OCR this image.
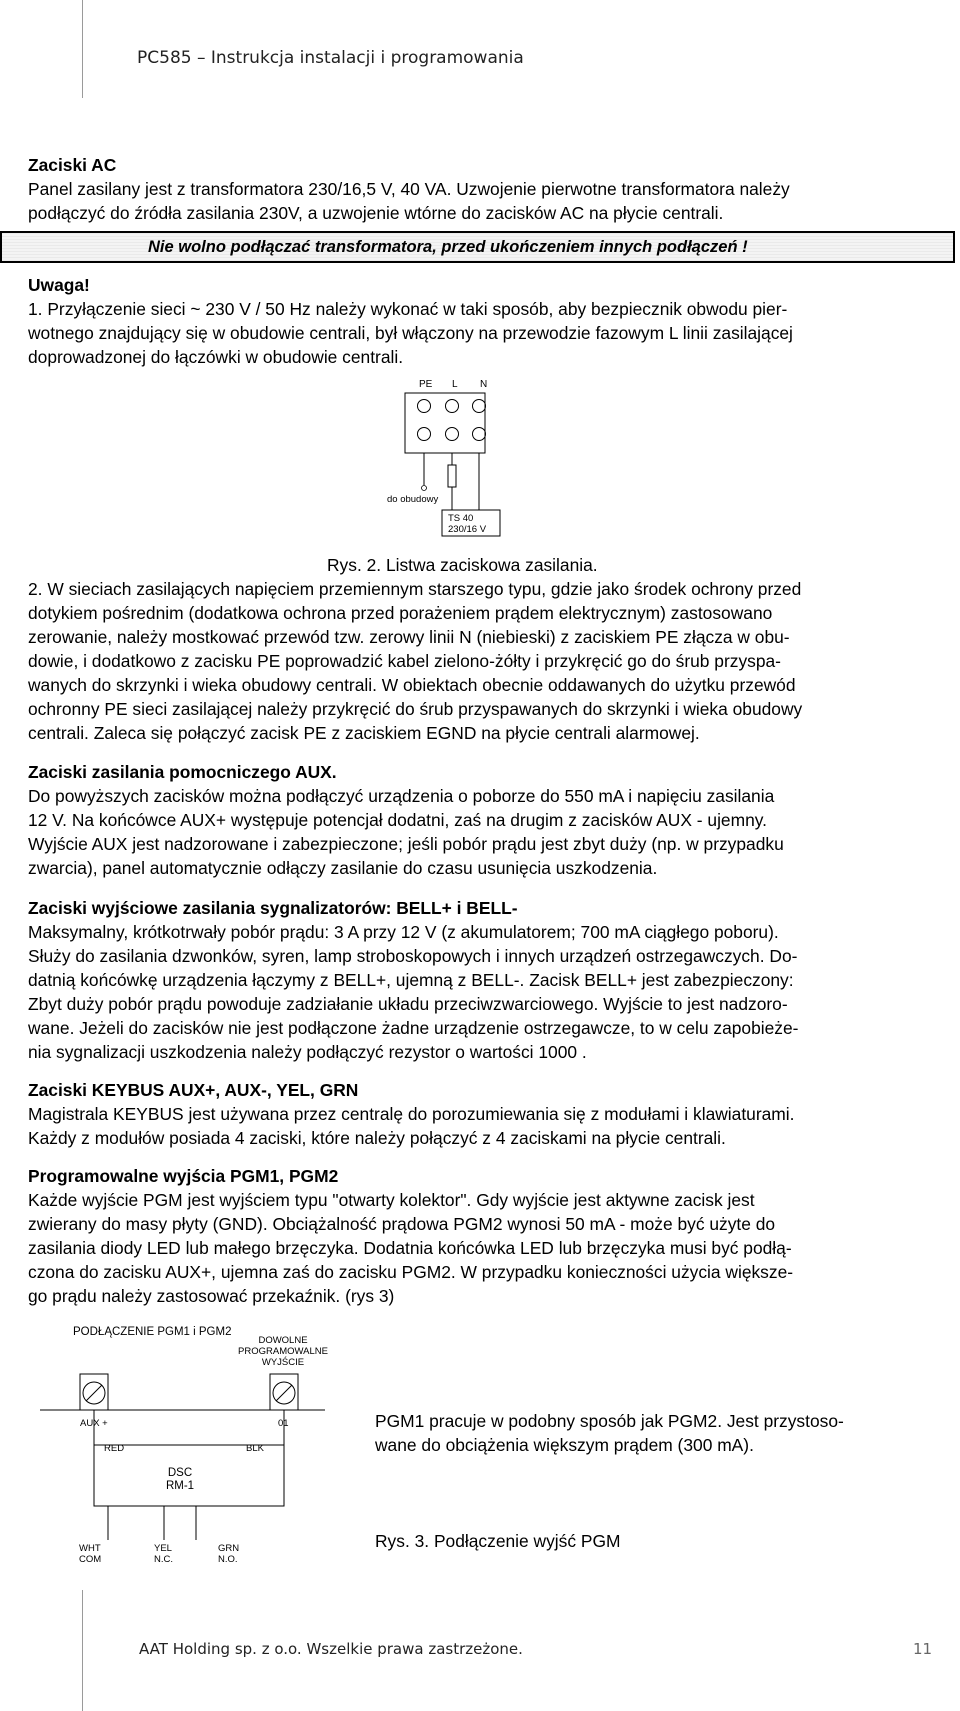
PC585 – Instrukcja instalacji i programowania
Zaciski AC
Panel zasilany jest z transformatora 230/16,5 V, 40 VA. Uzwojenie pierwotne transformatora należy
podłączyć do źródła zasilania 230V, a uzwojenie wtórne do zacisków AC na płycie centrali.
Nie wolno podłączać transformatora, przed ukończeniem innych podłączeń !
Uwaga!
1. Przyłączenie sieci ~ 230 V / 50 Hz należy wykonać w taki sposób, aby bezpiecznik obwodu pier-
wotnego znajdujący się w obudowie centrali, był włączony na przewodzie fazowym L linii zasilającej
doprowadzonej do łączówki w obudowie centrali.
PE L N
do obudowy
TS 40
230/16 V
Rys. 2. Listwa zaciskowa zasilania.
2. W sieciach zasilających napięciem przemiennym starszego typu, gdzie jako środek ochrony przed
dotykiem pośrednim (dodatkowa ochrona przed porażeniem prądem elektrycznym) zastosowano
zerowanie, należy mostkować przewód tzw. zerowy linii N (niebieski) z zaciskiem PE złącza w obu-
dowie, i dodatkowo z zacisku PE poprowadzić kabel zielono-żółty i przykręcić go do śrub przyspa-
wanych do skrzynki i wieka obudowy centrali. W obiektach obecnie oddawanych do użytku przewód
ochronny PE sieci zasilającej należy przykręcić do śrub przyspawanych do skrzynki i wieka obudowy
centrali. Zaleca się połączyć zacisk PE z zaciskiem EGND na płycie centrali alarmowej.
Zaciski zasilania pomocniczego AUX.
Do powyższych zacisków można podłączyć urządzenia o poborze do 550 mA i napięciu zasilania
12 V. Na końcówce AUX+ występuje potencjał dodatni, zaś na drugim z zacisków AUX - ujemny.
Wyjście AUX jest nadzorowane i zabezpieczone; jeśli pobór prądu jest zbyt duży (np. w przypadku
zwarcia), panel automatycznie odłączy zasilanie do czasu usunięcia uszkodzenia.
Zaciski wyjściowe zasilania sygnalizatorów: BELL+ i BELL-
Maksymalny, krótkotrwały pobór prądu: 3 A przy 12 V (z akumulatorem; 700 mA ciągłego poboru).
Służy do zasilania dzwonków, syren, lamp stroboskopowych i innych urządzeń ostrzegawczych. Do-
datnią końcówkę urządzenia łączymy z BELL+, ujemną z BELL-. Zacisk BELL+ jest zabezpieczony:
Zbyt duży pobór prądu powoduje zadziałanie układu przeciwzwarciowego. Wyjście to jest nadzoro-
wane. Jeżeli do zacisków nie jest podłączone żadne urządzenie ostrzegawcze, to w celu zapobieże-
nia sygnalizacji uszkodzenia należy podłączyć rezystor o wartości 1000 .
Zaciski KEYBUS AUX+, AUX-, YEL, GRN
Magistrala KEYBUS jest używana przez centralę do porozumiewania się z modułami i klawiaturami.
Każdy z modułów posiada 4 zaciski, które należy połączyć z 4 zaciskami na płycie centrali.
Programowalne wyjścia PGM1, PGM2
Każde wyjście PGM jest wyjściem typu "otwarty kolektor". Gdy wyjście jest aktywne zacisk jest
zwierany do masy płyty (GND). Obciążalność prądowa PGM2 wynosi 50 mA - może być użyte do
zasilania diody LED lub małego brzęczyka. Dodatnia końcówka LED lub brzęczyka musi być podłą-
czona do zacisku AUX+, ujemna zaś do zacisku PGM2. W przypadku konieczności użycia większe-
go prądu należy zastosować przekaźnik. (rys 3)
PODŁĄCZENIE PGM1 i PGM2
DOWOLNE
PROGRAMOWALNE
WYJŚCIE
AUX +	01
RED	BLK
DSC
RM-1
WHT
COM
YEL
N.C.
GRN
N.O.
PGM1 pracuje w podobny sposób jak PGM2. Jest przystoso-
wane do obciążenia większym prądem (300 mA).
Rys. 3. Podłączenie wyjść PGM
AAT Holding sp. z o.o. Wszelkie prawa zastrzeżone.	11
